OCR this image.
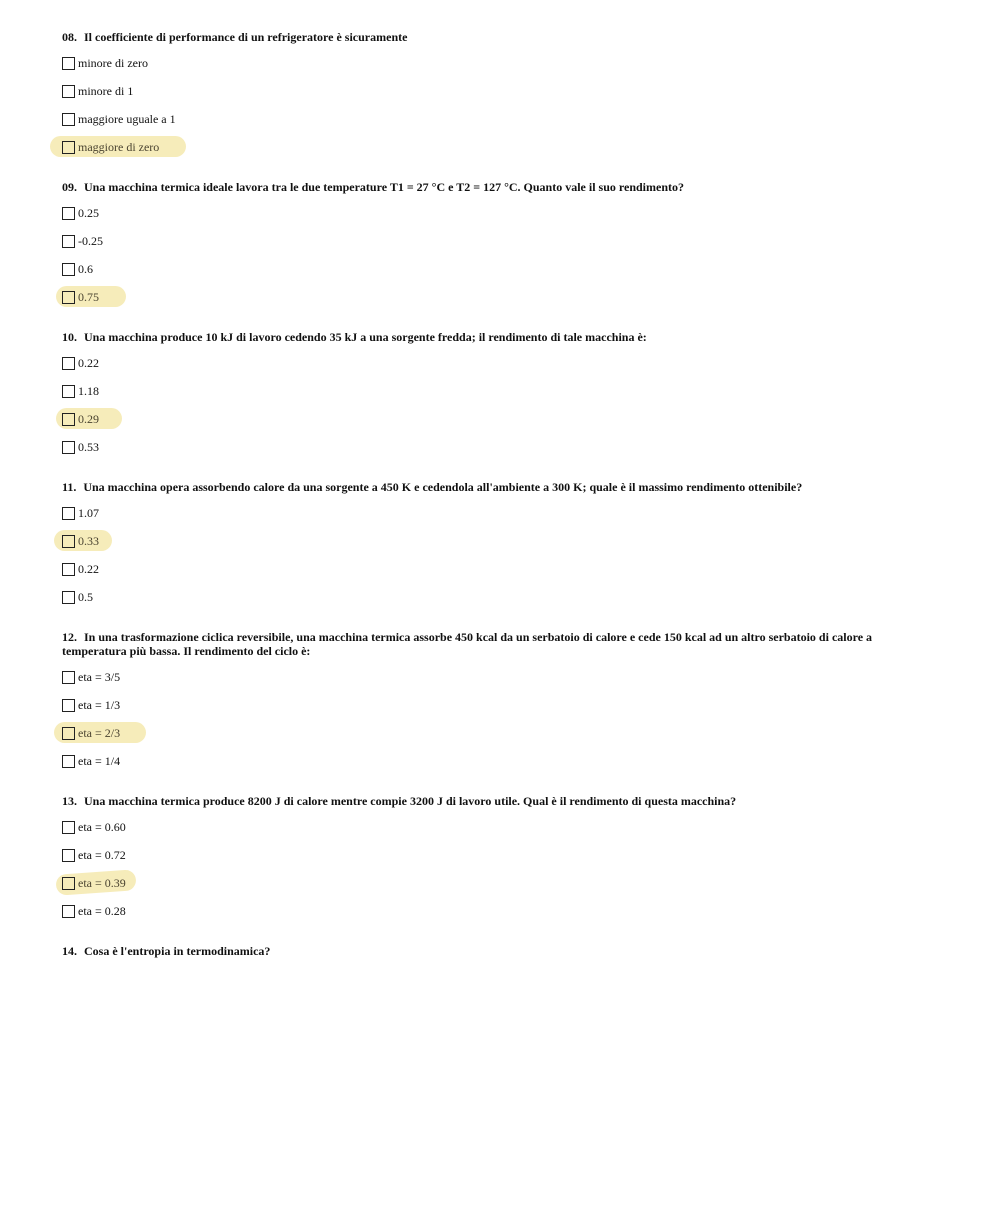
08. Il coefficiente di performance di un refrigeratore è sicuramente
minore di zero
minore di 1
maggiore uguale a 1
maggiore di zero
09. Una macchina termica ideale lavora tra le due temperature T1 = 27 °C e T2 = 127 °C. Quanto vale il suo rendimento?
0.25
-0.25
0.6
0.75
10. Una macchina produce 10 kJ di lavoro cedendo 35 kJ a una sorgente fredda; il rendimento di tale macchina è:
0.22
1.18
0.29
0.53
11. Una macchina opera assorbendo calore da una sorgente a 450 K e cedendola all'ambiente a 300 K; quale è il massimo rendimento ottenibile?
1.07
0.33
0.22
0.5
12. In una trasformazione ciclica reversibile, una macchina termica assorbe 450 kcal da un serbatoio di calore e cede 150 kcal ad un altro serbatoio di calore a temperatura più bassa. Il rendimento del ciclo è:
eta = 3/5
eta = 1/3
eta = 2/3
eta = 1/4
13. Una macchina termica produce 8200 J di calore mentre compie 3200 J di lavoro utile. Qual è il rendimento di questa macchina?
eta = 0.60
eta = 0.72
eta = 0.39
eta = 0.28
14. Cosa è l'entropia in termodinamica?
